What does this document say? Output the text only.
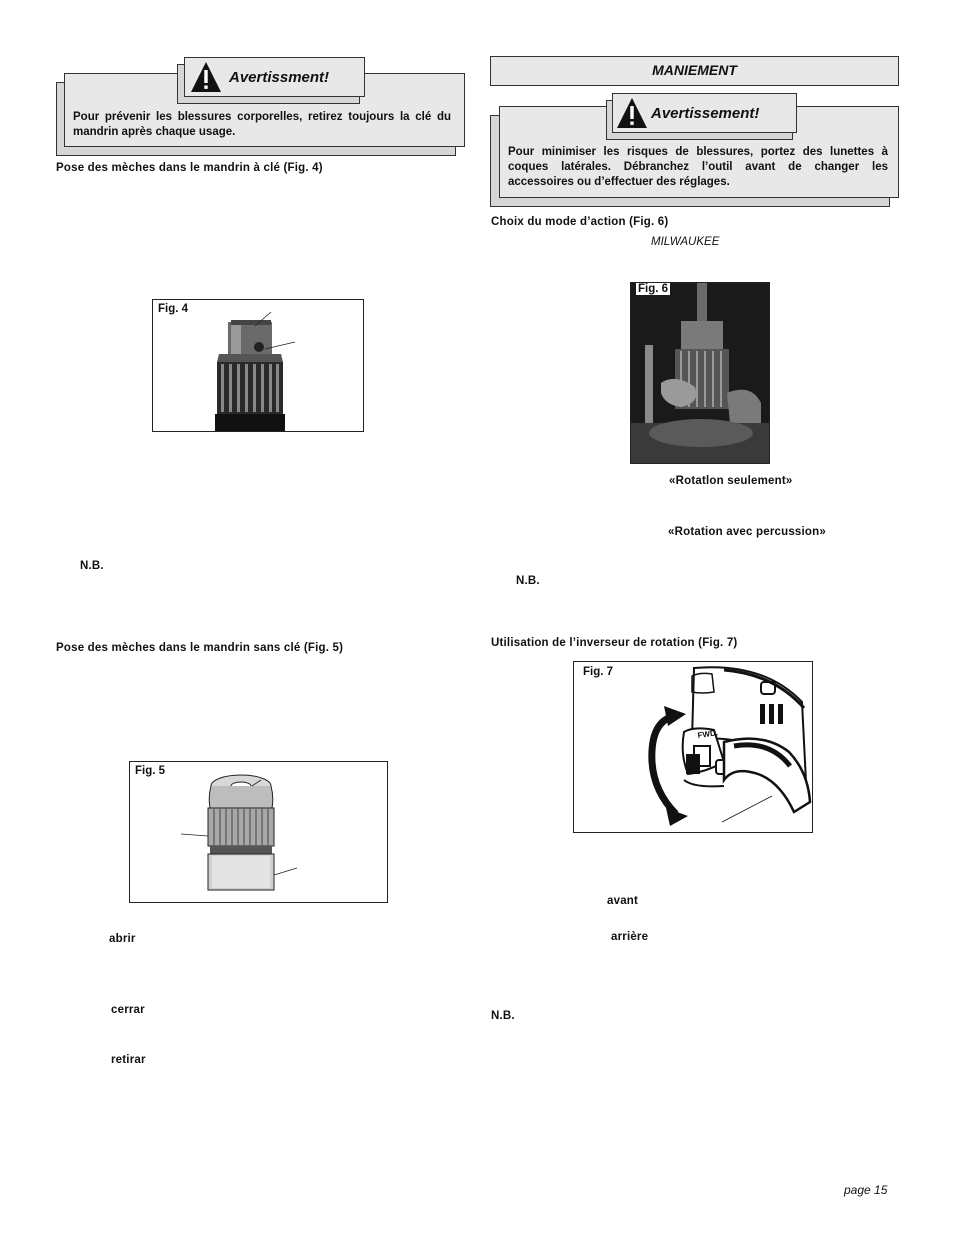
Avertissment!
Pour prévenir les blessures corporelles, retirez toujours la clé du mandrin après chaque usage.
Pose des mèches dans le mandrin à clé (Fig. 4)
Fig. 4
N.B.
Pose des mèches dans le mandrin sans clé (Fig. 5)
Fig. 5
abrir
cerrar
retirar
MANIEMENT
Avertissement!
Pour minimiser les risques de blessures, portez des lunettes à coques latérales. Débranchez l’outil avant de changer les accessoires ou d’effectuer des réglages.
Choix du mode d’action (Fig. 6)
MILWAUKEE
Fig. 6
«Rotatlon seulement»
«Rotation avec percussion»
N.B.
Utilisation de l’inverseur de rotation (Fig. 7)
Fig. 7
FWD.
avant
arrière
N.B.
page 15
